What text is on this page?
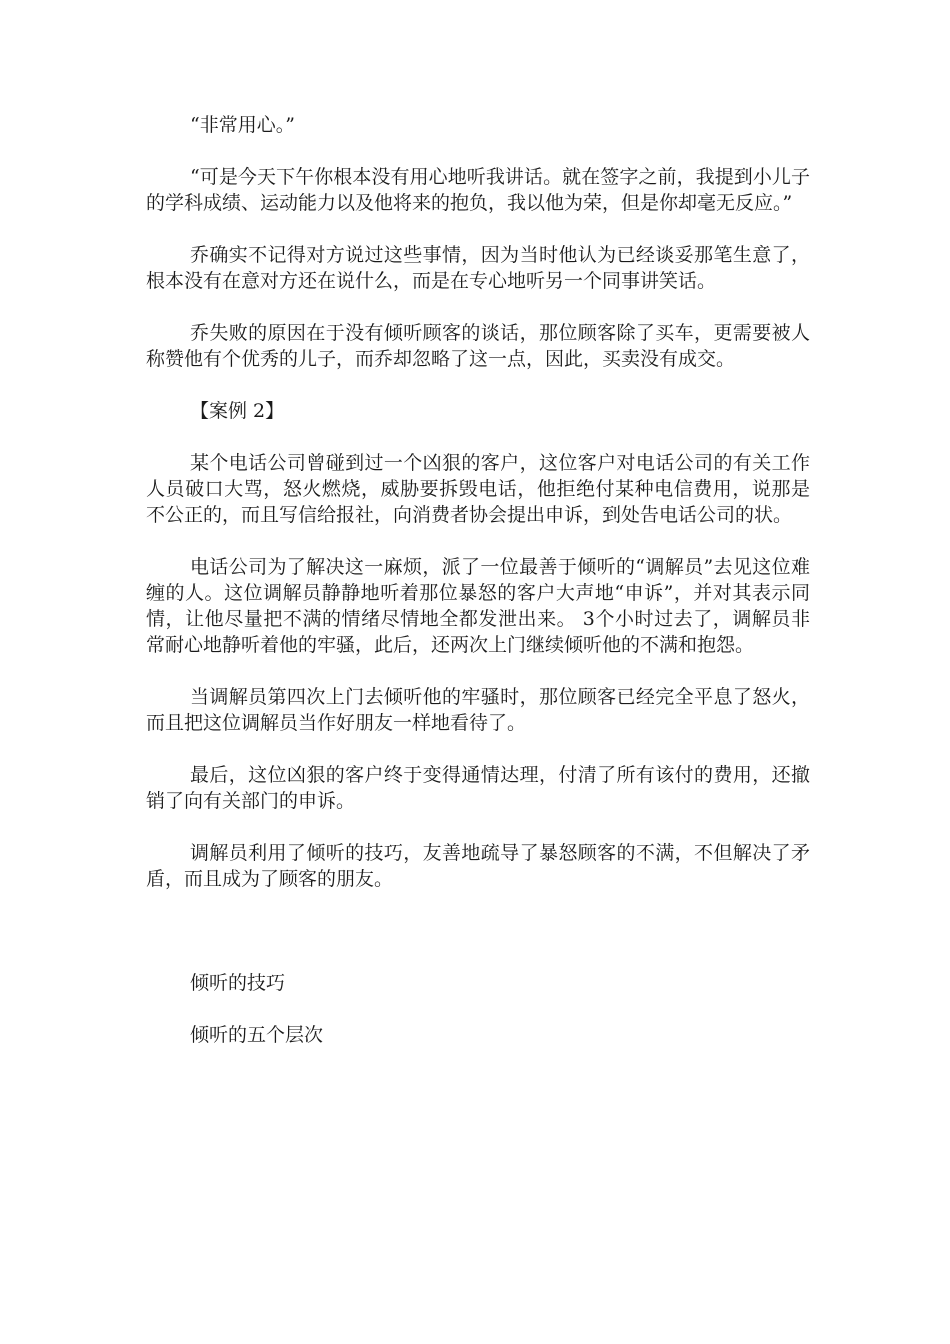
“非常用心。”

“可是今天下午你根本没有用心地听我讲话。就在签字之前，我提到小儿子的学科成绩、运动能力以及他将来的抱负，我以他为荣，但是你却毫无反应。”

乔确实不记得对方说过这些事情，因为当时他认为已经谈妥那笔生意了，根本没有在意对方还在说什么，而是在专心地听另一个同事讲笑话。

乔失败的原因在于没有倾听顾客的谈话，那位顾客除了买车，更需要被人称赞他有个优秀的儿子，而乔却忽略了这一点，因此，买卖没有成交。

【案例 2】

某个电话公司曾碰到过一个凶狠的客户，这位客户对电话公司的有关工作人员破口大骂，怒火燃烧，威胁要拆毁电话，他拒绝付某种电信费用，说那是不公正的，而且写信给报社，向消费者协会提出申诉，到处告电话公司的状。

电话公司为了解决这一麻烦，派了一位最善于倾听的“调解员”去见这位难缠的人。这位调解员静静地听着那位暴怒的客户大声地“申诉”，并对其表示同情，让他尽量把不满的情绪尽情地全都发泄出来。 3个小时过去了，调解员非常耐心地静听着他的牢骚，此后，还两次上门继续倾听他的不满和抱怨。

当调解员第四次上门去倾听他的牢骚时，那位顾客已经完全平息了怒火，而且把这位调解员当作好朋友一样地看待了。

最后，这位凶狠的客户终于变得通情达理，付清了所有该付的费用，还撤销了向有关部门的申诉。

调解员利用了倾听的技巧，友善地疏导了暴怒顾客的不满，不但解决了矛盾，而且成为了顾客的朋友。

倾听的技巧

倾听的五个层次
